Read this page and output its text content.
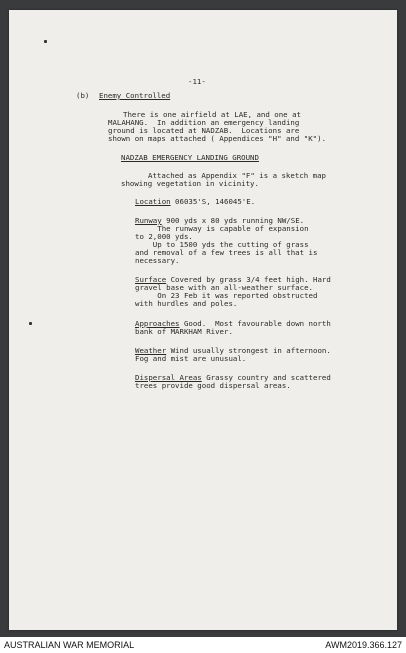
-11-

(b) Enemy Controlled

There is one airfield at LAE, and one at

MALAHANG.  In addition an emergency landing

ground is located at NADZAB.  Locations are

shown on maps attached ( Appendices "H" and "K").

NADZAB EMERGENCY LANDING GROUND

Attached as Appendix "F" is a sketch map

showing vegetation in vicinity.

Location 06035'S, 146045'E.

Runway 900 yds x 80 yds running NW/SE.

The runway is capable of expansion

to 2,000 yds.

Up to 1500 yds the cutting of grass

and removal of a few trees is all that is

necessary.

Surface Covered by grass 3/4 feet high. Hard

gravel base with an all-weather surface.

On 23 Feb it was reported obstructed

with hurdles and poles.

Approaches Good.  Most favourable down north

bank of MARKHAM River.

Weather Wind usually strongest in afternoon.

Fog and mist are unusual.

Dispersal Areas Grassy country and scattered

trees provide good dispersal areas.

AUSTRALIAN WAR MEMORIAL	AWM2019.366.127
